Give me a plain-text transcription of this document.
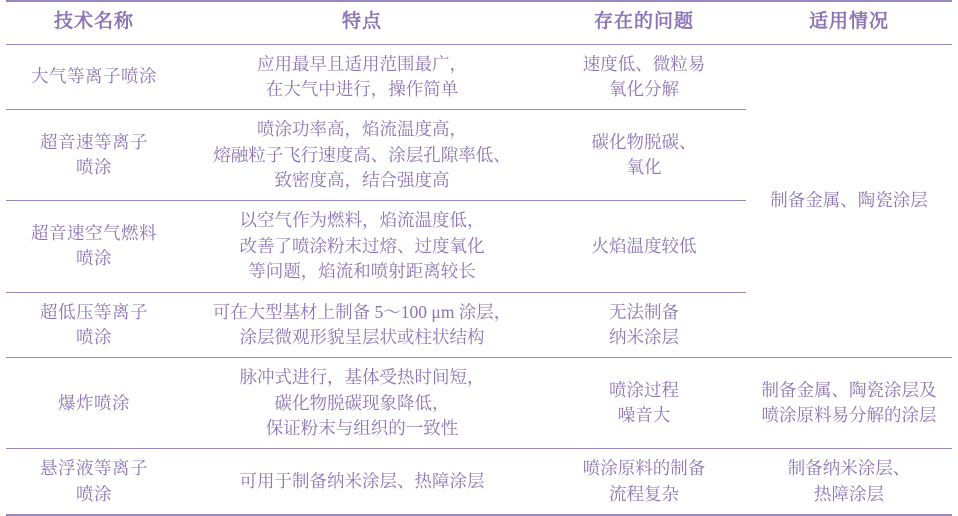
技术名称	特点	存在的问题	适用情况

大气等离子喷涂	应用最早且适用范围最广，
在大气中进行，操作简单	速度低、微粒易
氧化分解	制备金属、陶瓷涂层

超音速等离子
喷涂	喷涂功率高，焰流温度高，
熔融粒子飞行速度高、涂层孔隙率低、
致密度高，结合强度高	碳化物脱碳、
氧化	

超音速空气燃料
喷涂	以空气作为燃料，焰流温度低，
改善了喷涂粉末过熔、过度氧化
等问题，焰流和喷射距离较长	火焰温度较低	

超低压等离子
喷涂	可在大型基材上制备 5～100 μm 涂层，
涂层微观形貌呈层状或柱状结构	无法制备
纳米涂层	

爆炸喷涂	脉冲式进行，基体受热时间短，
碳化物脱碳现象降低，
保证粉末与组织的一致性	喷涂过程
噪音大	制备金属、陶瓷涂层及
喷涂原料易分解的涂层

悬浮液等离子
喷涂	可用于制备纳米涂层、热障涂层	喷涂原料的制备
流程复杂	制备纳米涂层、
热障涂层
